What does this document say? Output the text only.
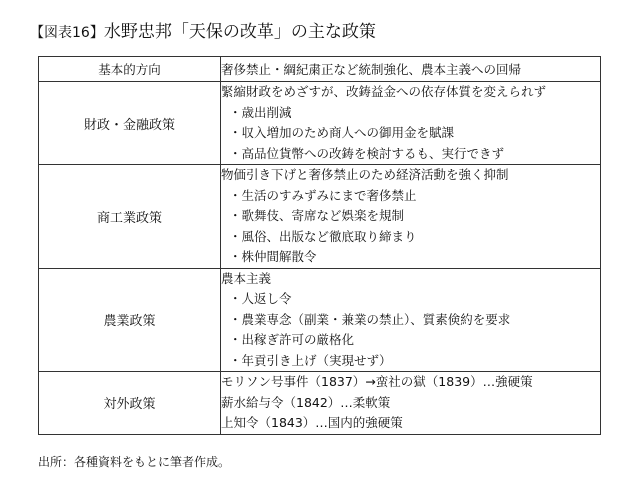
【図表16】水野忠邦「天保の改革」の主な政策
基本的方向	奢侈禁止・綱紀粛正など統制強化、農本主義への回帰
財政・金融政策	緊縮財政をめざすが、改鋳益金への依存体質を変えられず
・歳出削減
・収入増加のため商人への御用金を賦課
・高品位貨幣への改鋳を検討するも、実行できず

商工業政策	物価引き下げと奢侈禁止のため経済活動を強く抑制
・生活のすみずみにまで奢侈禁止
・歌舞伎、寄席など娯楽を規制
・風俗、出版など徹底取り締まり
・株仲間解散令

農業政策	農本主義
・人返し令
・農業専念（副業・兼業の禁止）、質素倹約を要求
・出稼ぎ許可の厳格化
・年貢引き上げ（実現せず）

対外政策	モリソン号事件（1837）→蛮社の獄（1839）…強硬策
薪水給与令（1842）…柔軟策
上知令（1843）…国内的強硬策
出所：各種資料をもとに筆者作成。
